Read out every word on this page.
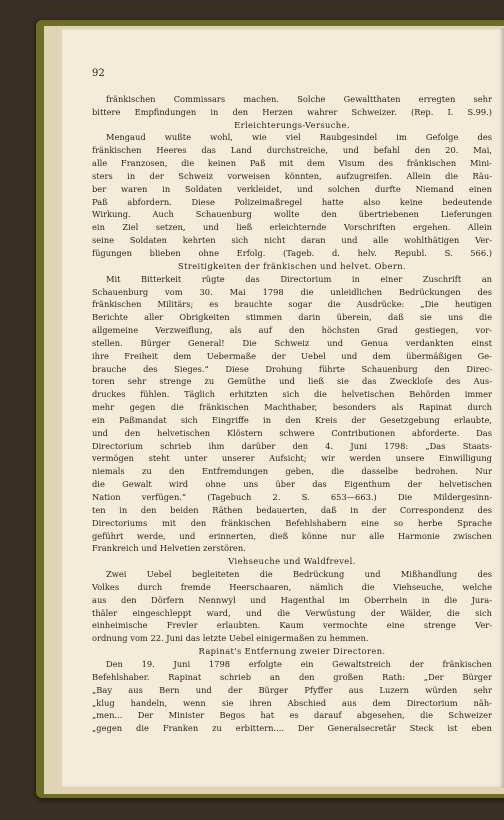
92

fränkischen Commissars machen. Solche Gewaltthaten erregten sehr
bittere Empfindungen in den Herzen wahrer Schweizer. (Rep. I. S.99.)
Erleichterungs-Versuche.
Mengaud wußte wohl, wie viel Raubgesindel im Gefolge des
fränkischen Heeres das Land durchstreiche, und befahl den 20. Mai,
alle Franzosen, die keinen Paß mit dem Visum des fränkischen Mini-
sters in der Schweiz vorweisen könnten, aufzugreifen. Allein die Räu-
ber waren in Soldaten verkleidet, und solchen durfte Niemand einen
Paß abfordern. Diese Polizeimaßregel hatte also keine bedeutende
Wirkung. Auch Schauenburg wollte den übertriebenen Lieferungen
ein Ziel setzen, und ließ erleichternde Vorschriften ergehen. Allein
seine Soldaten kehrten sich nicht daran und alle wohlthätigen Ver-
fügungen blieben ohne Erfolg. (Tageb. d. helv. Republ. S. 566.)
Streitigkeiten der fränkischen und helvet. Obern.
Mit Bitterkeit rügte das Directorium in einer Zuschrift an
Schauenburg vom 30. Mai 1798 die unleidlichen Bedrückungen des
fränkischen Militärs; es brauchte sogar die Ausdrücke: „Die heutigen
Berichte aller Obrigkeiten stimmen darin überein, daß sie uns die
allgemeine Verzweiflung, als auf den höchsten Grad gestiegen, vor-
stellen. Bürger General! Die Schweiz und Genua verdankten einst
ihre Freiheit dem Uebermaße der Uebel und dem übermäßigen Ge-
brauche des Sieges.“ Diese Drohung führte Schauenburg den Direc-
toren sehr strenge zu Gemüthe und ließ sie das Zweckloſe des Aus-
druckes fühlen. Täglich erhitzten sich die helvetischen Behörden immer
mehr gegen die fränkischen Machthaber, besonders als Rapinat durch
ein Paßmandat sich Eingriffe in den Kreis der Gesetzgebung erlaubte,
und den helvetischen Klöstern schwere Contributionen abforderte. Das
Directorium schrieb ihm darüber den 4. Juni 1798: „Das Staats-
vermögen steht unter unserer Aufsicht; wir werden unsere Einwilligung
niemals zu den Entfremdungen geben, die dasselbe bedrohen. Nur
die Gewalt wird ohne uns über das Eigenthum der helvetischen
Nation verfügen.“ (Tagebuch 2. S. 653—663.) Die Mildergesinn-
ten in den beiden Räthen bedauerten, daß in der Correspondenz des
Directoriums mit den fränkischen Befehlshabern eine so herbe Sprache
geführt werde, und erinnerten, dieß könne nur alle Harmonie zwischen
Frankreich und Helvetien zerstören.
Viehseuche und Waldfrevel.
Zwei Uebel begleiteten die Bedrückung und Mißhandlung des
Volkes durch fremde Heerschaaren, nämlich die Viehseuche, welche
aus den Dörfern Nennwyl und Hagenthal im Oberrhein in die Jura-
thäler eingeschleppt ward, und die Verwüstung der Wälder, die sich
einheimische Frevler erlaubten. Kaum vermochte eine strenge Ver-
ordnung vom 22. Juni das letzte Uebel einigermaßen zu hemmen.
Rapinat's Entfernung zweier Directoren.
Den 19. Juni 1798 erfolgte ein Gewaltstreich der fränkischen
Befehlshaber. Rapinat schrieb an den großen Rath: „Der Bürger
„Bay aus Bern und der Bürger Pfyffer aus Luzern würden sehr
„klug handeln, wenn sie ihren Abschied aus dem Directorium näh-
„men... Der Minister Begos hat es darauf abgesehen, die Schweizer
„gegen die Franken zu erbittern.... Der Generalsecretär Steck ist eben
